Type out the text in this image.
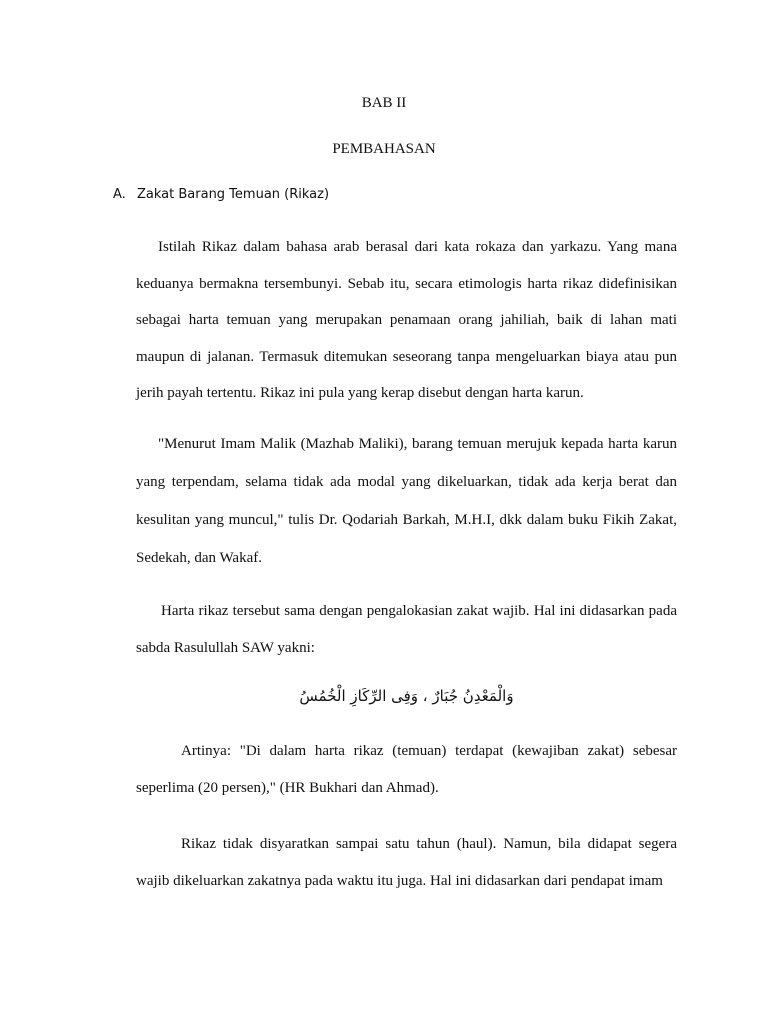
BAB II
PEMBAHASAN
A. Zakat Barang Temuan (Rikaz)

Istilah Rikaz dalam bahasa arab berasal dari kata rokaza dan yarkazu. Yang mana keduanya bermakna tersembunyi. Sebab itu, secara etimologis harta rikaz didefinisikan sebagai harta temuan yang merupakan penamaan orang jahiliah, baik di lahan mati maupun di jalanan. Termasuk ditemukan seseorang tanpa mengeluarkan biaya atau pun jerih payah tertentu. Rikaz ini pula yang kerap disebut dengan harta karun.

"Menurut Imam Malik (Mazhab Maliki), barang temuan merujuk kepada harta karun yang terpendam, selama tidak ada modal yang dikeluarkan, tidak ada kerja berat dan kesulitan yang muncul," tulis Dr. Qodariah Barkah, M.H.I, dkk dalam buku Fikih Zakat, Sedekah, dan Wakaf.

Harta rikaz tersebut sama dengan pengalokasian zakat wajib. Hal ini didasarkan pada sabda Rasulullah SAW yakni:

وَالْمَعْدِنُ جُبَارٌ ، وَفِى الرِّكَازِ الْخُمُسُ

Artinya: "Di dalam harta rikaz (temuan) terdapat (kewajiban zakat) sebesar seperlima (20 persen)," (HR Bukhari dan Ahmad).

Rikaz tidak disyaratkan sampai satu tahun (haul). Namun, bila didapat segera wajib dikeluarkan zakatnya pada waktu itu juga. Hal ini didasarkan dari pendapat imam
